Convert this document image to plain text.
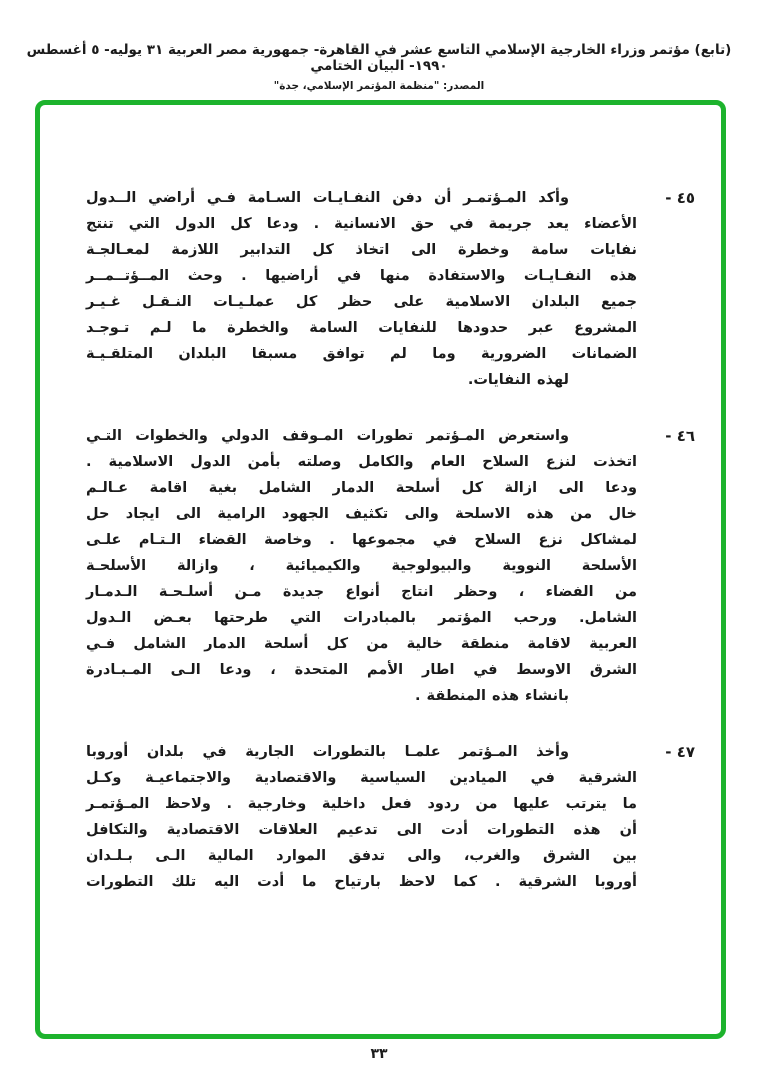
(تابع) مؤتمر وزراء الخارجية الإسلامي التاسع عشر في القاهرة- جمهورية مصر العربية ٣١ يوليه- ٥ أغسطس ١٩٩٠- البيان الختامي
المصدر: "منظمة المؤتمر الإسلامي، جدة"
٤٥ -
وأكد المـؤتمـر أن دفن النفـايـات السـامة فـي أراضي الــدول
الأعضاء يعد جريمة في حق الانسانية . ودعا كل الدول التي تنتج
نفايات سامة وخطرة الى اتخاذ كل التدابير اللازمة لمعـالجـة
هذه النفـايـات والاستفادة منها في أراضيها . وحث المــؤتــمــر
جميع البلدان الاسلامية على حظر كل عملـيـات النـقـل غـيـر
المشروع عبر حدودها للنفايات السامة والخطرة ما لـم تـوجـد
الضمانات الضرورية وما لم توافق مسبقا البلدان المتلقـيـة
لهذه النفايات.
٤٦ -
واستعرض المـؤتمر تطورات المـوقف الدولي والخطوات التـي
اتخذت لنزع السلاح العام والكامل وصلته بأمن الدول الاسلامية .
ودعا الى ازالة كل أسلحة الدمار الشامل بغية اقامة عـالـم
خال من هذه الاسلحة والى تكثيف الجهود الرامية الى ايجاد حل
لمشاكل نزع السلاح في مجموعها . وخاصة القضاء الـتـام علـى
الأسلحة النووية والبيولوجية والكيميائية ، وازالة الأسلحـة
من الفضاء ، وحظر انتاج أنواع جديدة مـن أسلـحـة الـدمـار
الشامل. ورحب المؤتمر بالمبادرات التي طرحتها بعـض الـدول
العربية لاقامة منطقة خالية من كل أسلحة الدمار الشامل فـي
الشرق الاوسط في اطار الأمم المتحدة ، ودعا الـى المـبـادرة
بانشاء هذه المنطقة .
٤٧ -
وأخذ المـؤتمر علمـا بالتطورات الجارية في بلدان أوروبا
الشرقية في الميادين السياسية والاقتصادية والاجتماعيـة وكـل
ما يترتب عليها من ردود فعل داخلية وخارجية . ولاحظ المـؤتمـر
أن هذه التطورات أدت الى تدعيم العلاقات الاقتصادية والتكافل
بين الشرق والغرب، والى تدفق الموارد المالية الـى بـلـدان
أوروبا الشرقية . كما لاحظ بارتياح ما أدت اليه تلك التطورات
٣٣
